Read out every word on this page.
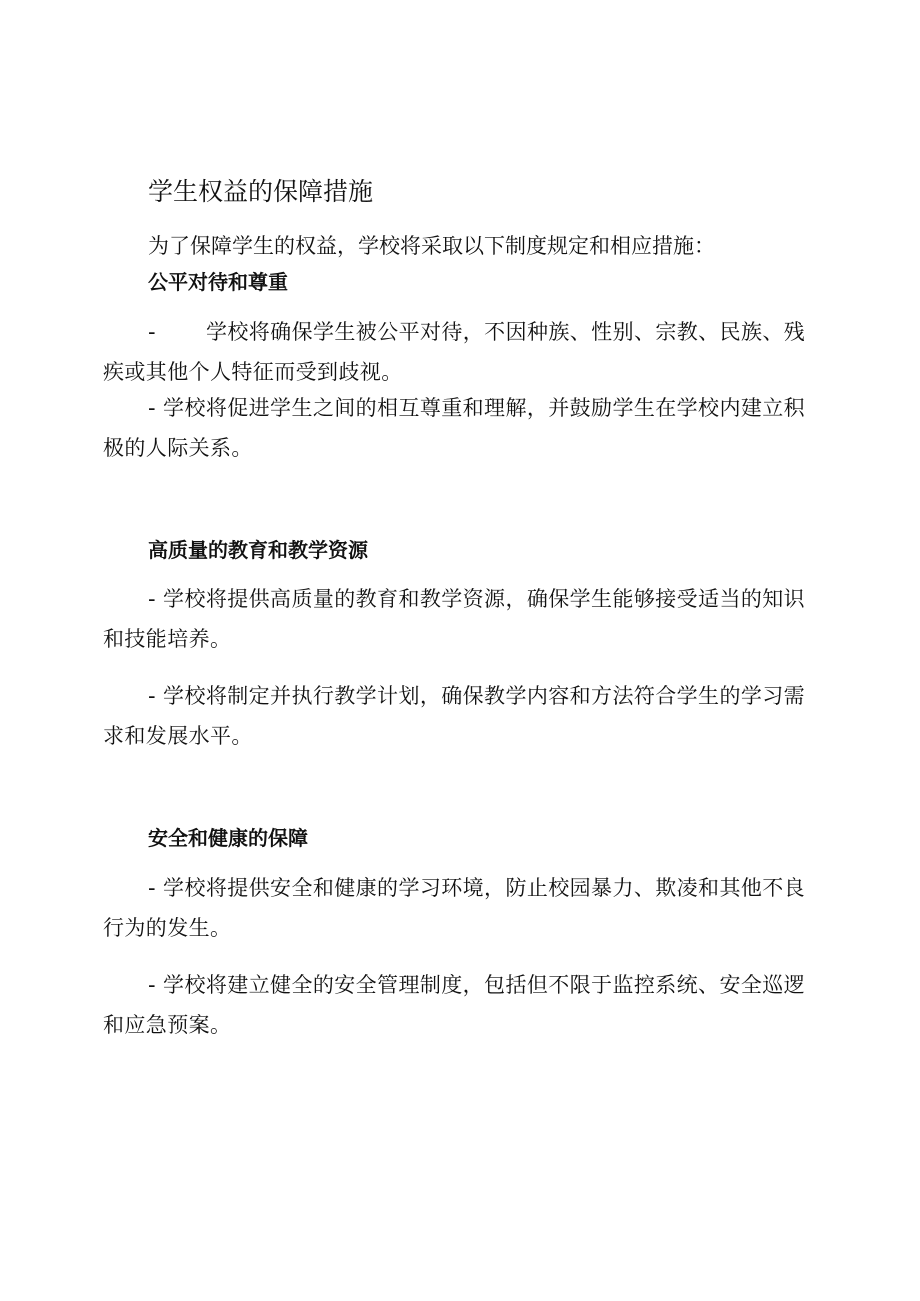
学生权益的保障措施

为了保障学生的权益，学校将采取以下制度规定和相应措施：

公平对待和尊重

- 学校将确保学生被公平对待，不因种族、性别、宗教、民族、残疾或其他个人特征而受到歧视。

- 学校将促进学生之间的相互尊重和理解，并鼓励学生在学校内建立积极的人际关系。

高质量的教育和教学资源

- 学校将提供高质量的教育和教学资源，确保学生能够接受适当的知识和技能培养。

- 学校将制定并执行教学计划，确保教学内容和方法符合学生的学习需求和发展水平。

安全和健康的保障

- 学校将提供安全和健康的学习环境，防止校园暴力、欺凌和其他不良行为的发生。

- 学校将建立健全的安全管理制度，包括但不限于监控系统、安全巡逻和应急预案。
